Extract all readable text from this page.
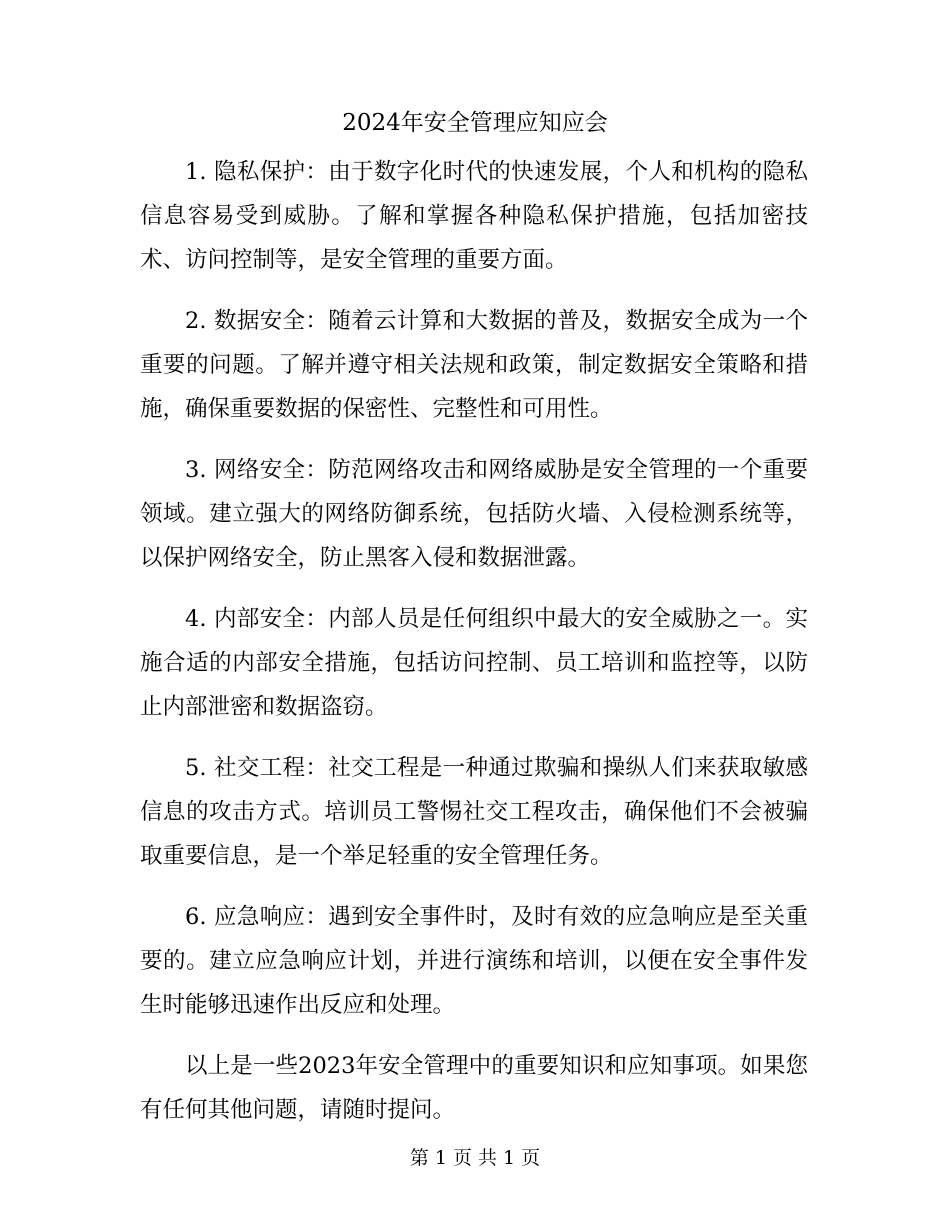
2024年安全管理应知应会

1. 隐私保护：由于数字化时代的快速发展，个人和机构的隐私信息容易受到威胁。了解和掌握各种隐私保护措施，包括加密技术、访问控制等，是安全管理的重要方面。

2. 数据安全：随着云计算和大数据的普及，数据安全成为一个重要的问题。了解并遵守相关法规和政策，制定数据安全策略和措施，确保重要数据的保密性、完整性和可用性。

3. 网络安全：防范网络攻击和网络威胁是安全管理的一个重要领域。建立强大的网络防御系统，包括防火墙、入侵检测系统等，以保护网络安全，防止黑客入侵和数据泄露。

4. 内部安全：内部人员是任何组织中最大的安全威胁之一。实施合适的内部安全措施，包括访问控制、员工培训和监控等，以防止内部泄密和数据盗窃。

5. 社交工程：社交工程是一种通过欺骗和操纵人们来获取敏感信息的攻击方式。培训员工警惕社交工程攻击，确保他们不会被骗取重要信息，是一个举足轻重的安全管理任务。

6. 应急响应：遇到安全事件时，及时有效的应急响应是至关重要的。建立应急响应计划，并进行演练和培训，以便在安全事件发生时能够迅速作出反应和处理。

以上是一些2023年安全管理中的重要知识和应知事项。如果您有任何其他问题，请随时提问。

第 1 页 共 1 页
